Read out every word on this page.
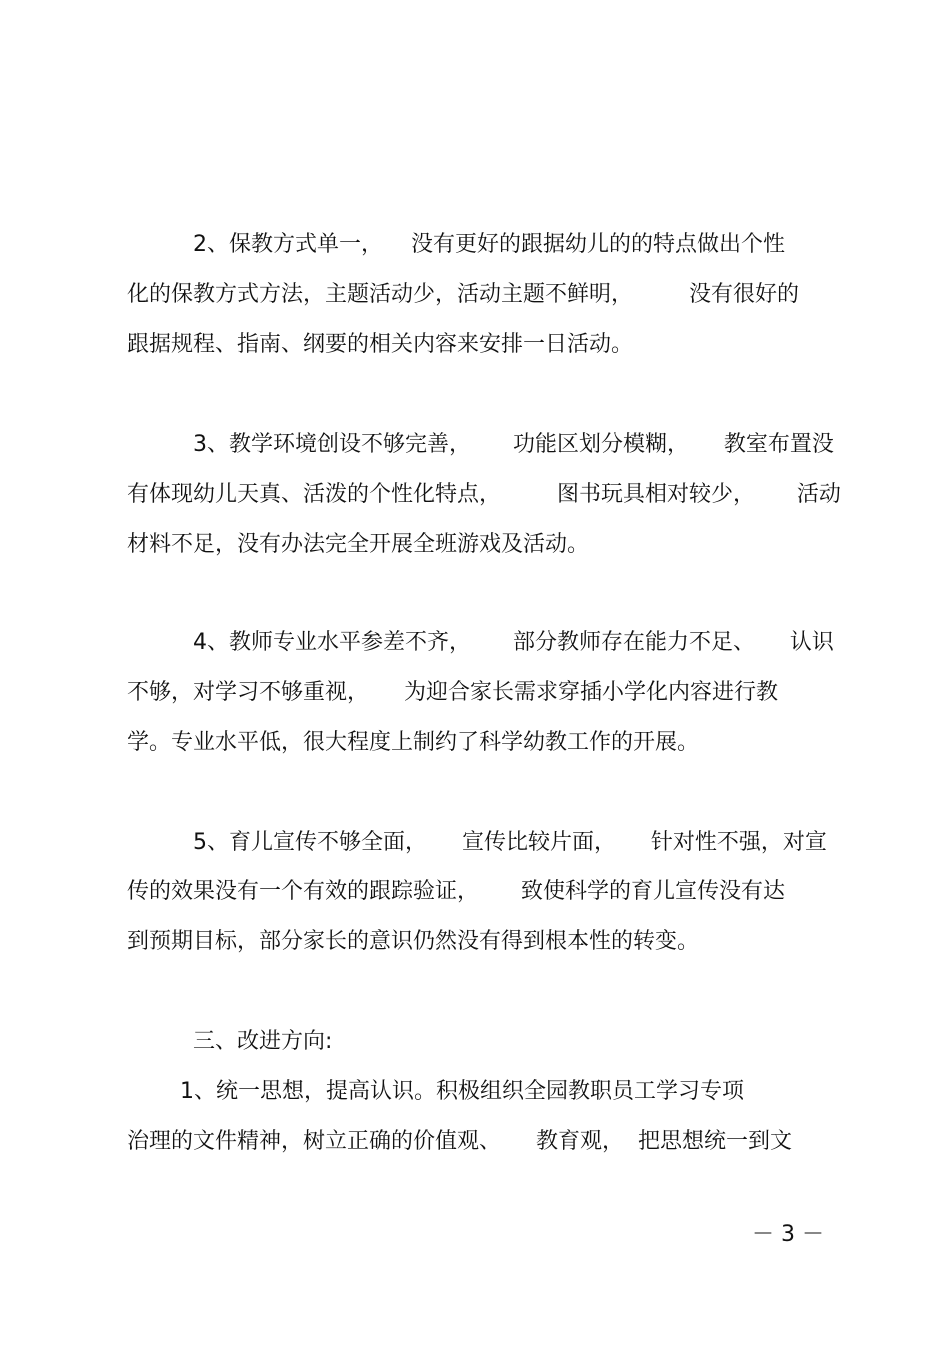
2、保教方式单一，    没有更好的跟据幼儿的的特点做出个性
化的保教方式方法，主题活动少，活动主题不鲜明，        没有很好的
跟据规程、指南、纲要的相关内容来安排一日活动。
3、教学环境创设不够完善，      功能区划分模糊，     教室布置没
有体现幼儿天真、活泼的个性化特点，        图书玩具相对较少，      活动
材料不足，没有办法完全开展全班游戏及活动。
4、教师专业水平参差不齐，      部分教师存在能力不足、     认识
不够，对学习不够重视，     为迎合家长需求穿插小学化内容进行教
学。专业水平低，很大程度上制约了科学幼教工作的开展。
5、育儿宣传不够全面，     宣传比较片面，     针对性不强，对宣
传的效果没有一个有效的跟踪验证，      致使科学的育儿宣传没有达
到预期目标，部分家长的意识仍然没有得到根本性的转变。
三、改进方向:
1、统一思想，提高认识。积极组织全园教职员工学习专项
治理的文件精神，树立正确的价值观、     教育观，  把思想统一到文
－ 3 －
